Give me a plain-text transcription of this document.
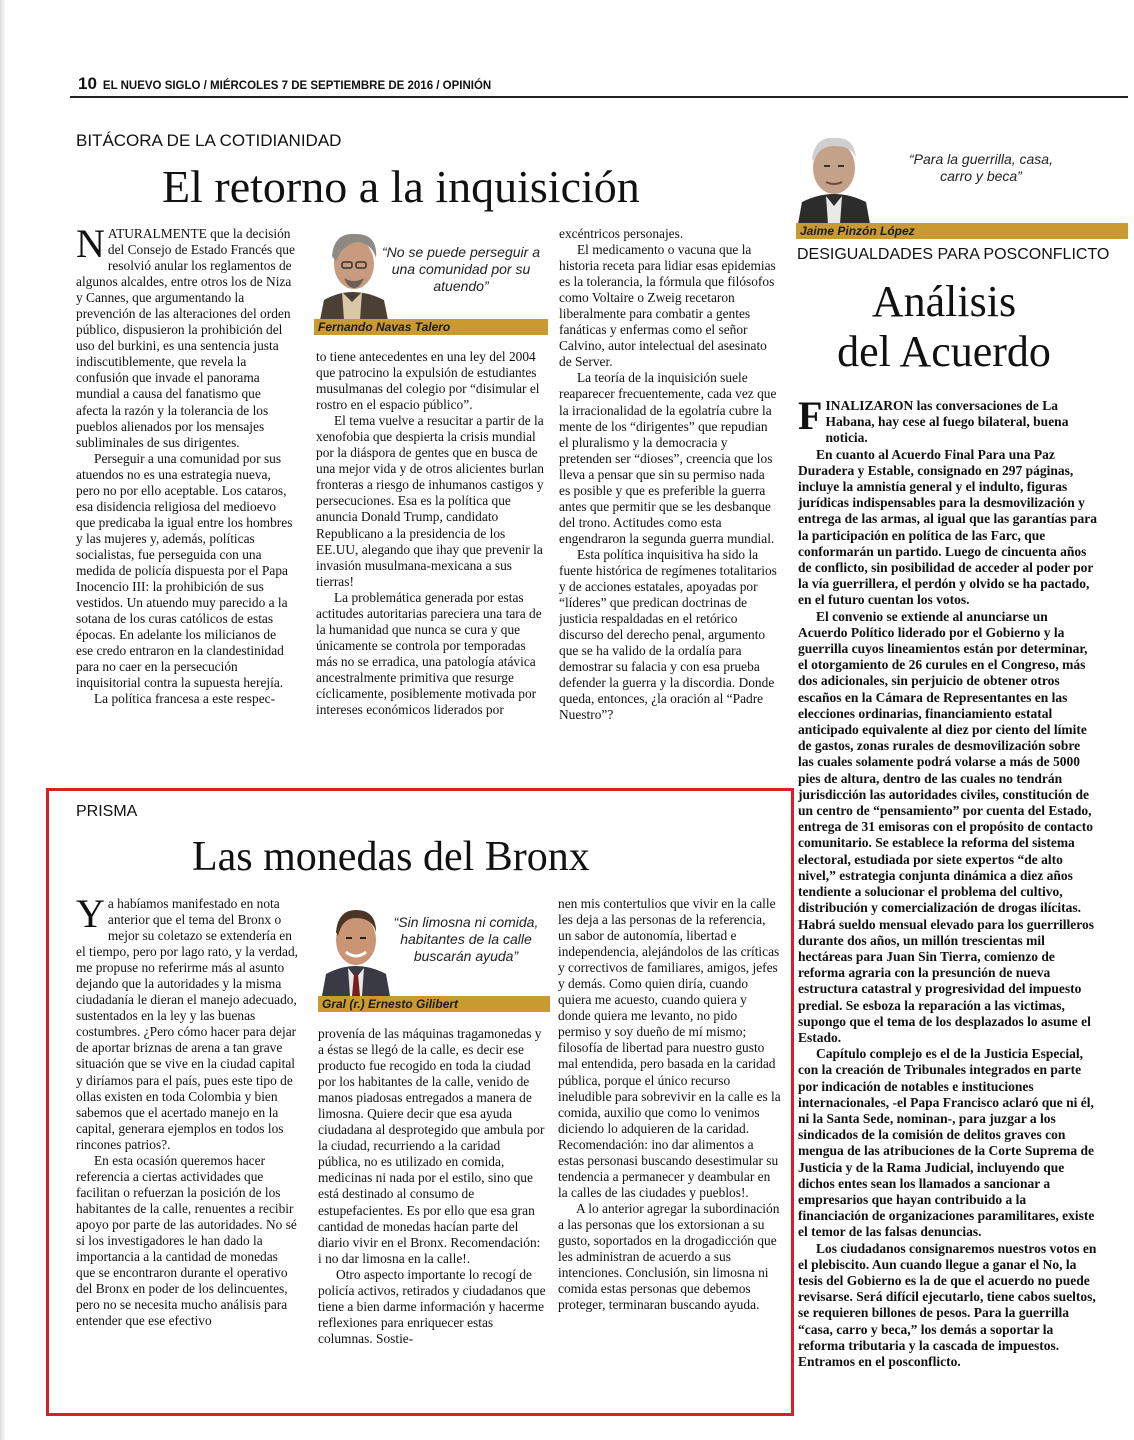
10 EL NUEVO SIGLO / MIÉRCOLES 7 DE SEPTIEMBRE DE 2016 / OPINIÓN
BITÁCORA DE LA COTIDIANIDAD
El retorno a la inquisición

NATURALMENTE que la decisión del Consejo de Estado Francés que resolvió anular los reglamentos de algunos alcaldes, entre otros los de Niza y Cannes, que argumentando la prevención de las alteraciones del orden público, dispusieron la prohibición del uso del burkini, es una sentencia justa indiscutiblemente, que revela la confusión que invade el panorama mundial a causa del fanatismo que afecta la razón y la tolerancia de los pueblos alienados por los mensajes subliminales de sus dirigentes.

Perseguir a una comunidad por sus atuendos no es una estrategia nueva, pero no por ello aceptable. Los cataros, esa disidencia religiosa del medioevo que predicaba la igual entre los hombres y las mujeres y, además, políticas socialistas, fue perseguida con una medida de policía dispuesta por el Papa Inocencio III: la prohibición de sus vestidos. Un atuendo muy parecido a la sotana de los curas católicos de estas épocas. En adelante los milicianos de ese credo entraron en la clandestinidad para no caer en la persecución inquisitorial contra la supuesta herejía.

La política francesa a este respec-

“No se puede perseguir a una comunidad por su atuendo”
Fernando Navas Talero

to tiene antecedentes en una ley del 2004 que patrocino la expulsión de estudiantes musulmanas del colegio por “disimular el rostro en el espacio público”.

El tema vuelve a resucitar a partir de la xenofobia que despierta la crisis mundial por la diáspora de gentes que en busca de una mejor vida y de otros alicientes burlan fronteras a riesgo de inhumanos castigos y persecuciones. Esa es la política que anuncia Donald Trump, candidato Republicano a la presidencia de los EE.UU, alegando que ihay que prevenir la invasión musulmana-mexicana a sus tierras!

La problemática generada por estas actitudes autoritarias pareciera una tara de la humanidad que nunca se cura y que únicamente se controla por temporadas más no se erradica, una patología atávica ancestralmente primitiva que resurge cíclicamente, posiblemente motivada por intereses económicos liderados por

excéntricos personajes.

El medicamento o vacuna que la historia receta para lidiar esas epidemias es la tolerancia, la fórmula que filósofos como Voltaire o Zweig recetaron liberalmente para combatir a gentes fanáticas y enfermas como el señor Calvino, autor intelectual del asesinato de Server.

La teoría de la inquisición suele reaparecer frecuentemente, cada vez que la irracionalidad de la egolatría cubre la mente de los “dirigentes” que repudian el pluralismo y la democracia y pretenden ser “dioses”, creencia que los lleva a pensar que sin su permiso nada es posible y que es preferible la guerra antes que permitir que se les desbanque del trono. Actitudes como esta engendraron la segunda guerra mundial.

Esta política inquisitiva ha sido la fuente histórica de regímenes totalitarios y de acciones estatales, apoyadas por “líderes” que predican doctrinas de justicia respaldadas en el retórico discurso del derecho penal, argumento que se ha valido de la ordalía para demostrar su falacia y con esa prueba defender la guerra y la discordia. Donde queda, entonces, ¿la oración al “Padre Nuestro”?

“Para la guerrilla, casa, carro y beca”
Jaime Pinzón López
DESIGUALDADES PARA POSCONFLICTO
Análisis
del Acuerdo

FINALIZARON las conversaciones de La Habana, hay cese al fuego bilateral, buena noticia.

En cuanto al Acuerdo Final Para una Paz Duradera y Estable, consignado en 297 páginas, incluye la amnistía general y el indulto, figuras jurídicas indispensables para la desmovilización y entrega de las armas, al igual que las garantías para la participación en política de las Farc, que conformarán un partido. Luego de cincuenta años de conflicto, sin posibilidad de acceder al poder por la vía guerrillera, el perdón y olvido se ha pactado, en el futuro cuentan los votos.

El convenio se extiende al anunciarse un Acuerdo Político liderado por el Gobierno y la guerrilla cuyos lineamientos están por determinar, el otorgamiento de 26 curules en el Congreso, más dos adicionales, sin perjuicio de obtener otros escaños en la Cámara de Representantes en las elecciones ordinarias, financiamiento estatal anticipado equivalente al diez por ciento del límite de gastos, zonas rurales de desmovilización sobre las cuales solamente podrá volarse a más de 5000 pies de altura, dentro de las cuales no tendrán jurisdicción las autoridades civiles, constitución de un centro de “pensamiento” por cuenta del Estado, entrega de 31 emisoras con el propósito de contacto comunitario. Se establece la reforma del sistema electoral, estudiada por siete expertos “de alto nivel,” estrategia conjunta dinámica a diez años tendiente a solucionar el problema del cultivo, distribución y comercialización de drogas ilícitas. Habrá sueldo mensual elevado para los guerrilleros durante dos años, un millón trescientas mil hectáreas para Juan Sin Tierra, comienzo de reforma agraria con la presunción de nueva estructura catastral y progresividad del impuesto predial. Se esboza la reparación a las victimas, supongo que el tema de los desplazados lo asume el Estado.

Capítulo complejo es el de la Justicia Especial, con la creación de Tribunales integrados en parte por indicación de notables e instituciones internacionales, -el Papa Francisco aclaró que ni él, ni la Santa Sede, nominan-, para juzgar a los sindicados de la comisión de delitos graves con mengua de las atribuciones de la Corte Suprema de Justicia y de la Rama Judicial, incluyendo que dichos entes sean los llamados a sancionar a empresarios que hayan contribuido a la financiación de organizaciones paramilitares, existe el temor de las falsas denuncias.

Los ciudadanos consignaremos nuestros votos en el plebiscito. Aun cuando llegue a ganar el No, la tesis del Gobierno es la de que el acuerdo no puede revisarse. Será difícil ejecutarlo, tiene cabos sueltos, se requieren billones de pesos. Para la guerrilla “casa, carro y beca,” los demás a soportar la reforma tributaria y la cascada de impuestos. Entramos en el posconflicto.

PRISMA
Las monedas del Bronx

Ya habíamos manifestado en nota anterior que el tema del Bronx o mejor su coletazo se extendería en el tiempo, pero por lago rato, y la verdad, me propuse no referirme más al asunto dejando que la autoridades y la misma ciudadanía le dieran el manejo adecuado, sustentados en la ley y las buenas costumbres. ¿Pero cómo hacer para dejar de aportar briznas de arena a tan grave situación que se vive en la ciudad capital y diríamos para el país, pues este tipo de ollas existen en toda Colombia y bien sabemos que el acertado manejo en la capital, generara ejemplos en todos los rincones patrios?.

En esta ocasión queremos hacer referencia a ciertas actividades que facilitan o refuerzan la posición de los habitantes de la calle, renuentes a recibir apoyo por parte de las autoridades. No sé si los investigadores le han dado la importancia a la cantidad de monedas que se encontraron durante el operativo del Bronx en poder de los delincuentes, pero no se necesita mucho análisis para entender que ese efectivo

“Sin limosna ni comida, habitantes de la calle buscarán ayuda”
Gral (r.) Ernesto Gilibert

provenía de las máquinas tragamonedas y a éstas se llegó de la calle, es decir ese producto fue recogido en toda la ciudad por los habitantes de la calle, venido de manos piadosas entregados a manera de limosna. Quiere decir que esa ayuda ciudadana al desprotegido que ambula por la ciudad, recurriendo a la caridad pública, no es utilizado en comida, medicinas ni nada por el estilo, sino que está destinado al consumo de estupefacientes. Es por ello que esa gran cantidad de monedas hacían parte del diario vivir en el Bronx. Recomendación: i no dar limosna en la calle!.

Otro aspecto importante lo recogí de policía activos, retirados y ciudadanos que tiene a bien darme información y hacerme reflexiones para enriquecer estas columnas. Sostie-

nen mis contertulios que vivir en la calle les deja a las personas de la referencia, un sabor de autonomía, libertad e independencia, alejándolos de las críticas y correctivos de familiares, amigos, jefes y demás. Como quien diría, cuando quiera me acuesto, cuando quiera y donde quiera me levanto, no pido permiso y soy dueño de mí mismo; filosofía de libertad para nuestro gusto mal entendida, pero basada en la caridad pública, porque el único recurso ineludible para sobrevivir en la calle es la comida, auxilio que como lo venimos diciendo lo adquieren de la caridad. Recomendación: ino dar alimentos a estas personasi buscando desestimular su tendencia a permanecer y deambular en la calles de las ciudades y pueblos!.

A lo anterior agregar la subordinación a las personas que los extorsionan a su gusto, soportados en la drogadicción que les administran de acuerdo a sus intenciones. Conclusión, sin limosna ni comida estas personas que debemos proteger, terminaran buscando ayuda.
